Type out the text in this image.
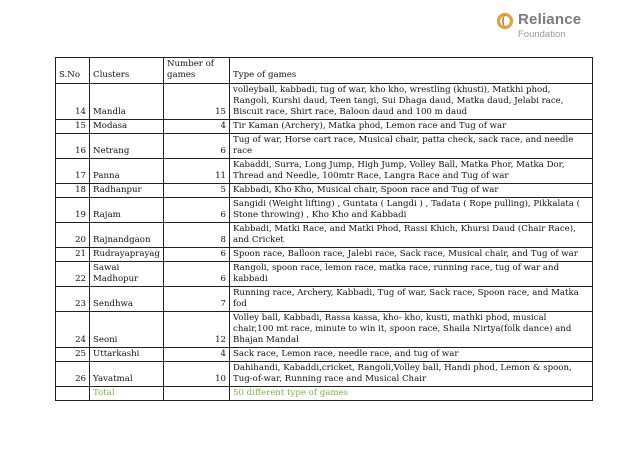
Reliance
Foundation
S.No	Clusters	Number of games	Type of games
14	Mandla	15	volleyball, kabbadi, tug of war, kho kho, wrestling (khusti), Matkhi phod, Rangoli, Kurshi daud, Teen tangi, Sui Dhaga daud, Matka daud, Jelabi race, Biscuit race, Shirt race, Baloon daud and 100 m daud
15	Modasa	4	Tir Kaman (Archery), Matka phod, Lemon race and Tug of war
16	Netrang	6	Tug of war, Horse cart race, Musical chair, patta check, sack race, and needle race
17	Panna	11	Kabaddi, Surra, Long Jump, High Jump, Volley Ball, Matka Phor, Matka Dor, Thread and Needle, 100mtr Race, Langra Race and Tug of war
18	Radhanpur	5	Kabbadi, Kho Kho, Musical chair, Spoon race and Tug of war
19	Rajam	6	Sangidi (Weight lifting) , Guntata ( Langdi ) , Tadata ( Rope pulling), Pikkalata ( Stone throwing) , Kho Kho and Kabbadi
20	Rajnandgaon	8	Kabbadi, Matki Race, and Matki Phod, Rassi Khich, Khursi Daud (Chair Race), and Cricket
21	Rudrayaprayag	6	Spoon race, Balloon race, Jalebi race, Sack race, Musical chair, and Tug of war
22	Sawai Madhopur	6	Rangoli, spoon race, lemon race, matka race, running race, tug of war and kabbadi
23	Sendhwa	7	Running race, Archery, Kabbadi, Tug of war, Sack race, Spoon race, and Matka fod
24	Seoni	12	Volley ball, Kabbadi, Rassa kassa, kho- kho, kusti, mathki phod, musical chair,100 mt race, minute to win it, spoon race, Shaila Nirtya(folk dance) and Bhajan Mandal
25	Uttarkashi	4	Sack race, Lemon race, needle race, and tug of war
26	Yavatmal	10	Dahihandi, Kabaddi,cricket, Rangoli,Volley ball, Handi phod, Lemon & spoon, Tug-of-war, Running race and Musical Chair
	Total		50 different type of games
